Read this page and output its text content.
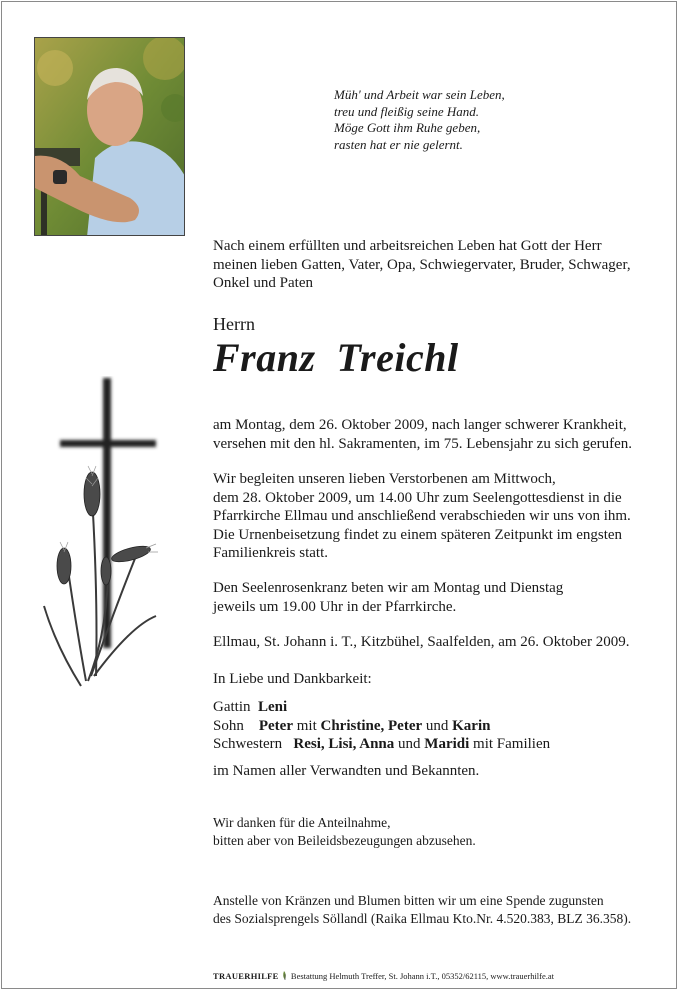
Müh' und Arbeit war sein Leben,
treu und fleißig seine Hand.
Möge Gott ihm Ruhe geben,
rasten hat er nie gelernt.
Nach einem erfüllten und arbeitsreichen Leben hat Gott der Herr
meinen lieben Gatten, Vater, Opa, Schwiegervater, Bruder, Schwager,
Onkel und Paten
Herrn
Franz  Treichl
am Montag, dem 26. Oktober 2009, nach langer schwerer Krankheit,
versehen mit den hl. Sakramenten, im 75. Lebensjahr zu sich gerufen.
Wir begleiten unseren lieben Verstorbenen am Mittwoch,
dem 28. Oktober 2009, um 14.00 Uhr zum Seelengottesdienst in die
Pfarrkirche Ellmau und anschließend verabschieden wir uns von ihm.
Die Urnenbeisetzung findet zu einem späteren Zeitpunkt im engsten
Familienkreis statt.
Den Seelenrosenkranz beten wir am Montag und Dienstag
jeweils um 19.00 Uhr in der Pfarrkirche.
Ellmau, St. Johann i. T., Kitzbühel, Saalfelden, am 26. Oktober 2009.
In Liebe und Dankbarkeit:
Gattin Leni
Sohn Peter mit Christine, Peter und Karin
Schwestern Resi, Lisi, Anna und Maridi mit Familien
im Namen aller Verwandten und Bekannten.
Wir danken für die Anteilnahme,
bitten aber von Beileidsbezeugungen abzusehen.
Anstelle von Kränzen und Blumen bitten wir um eine Spende zugunsten
des Sozialsprengels Söllandl (Raika Ellmau Kto.Nr. 4.520.383, BLZ 36.358).
TRAUERHILFE Bestattung Helmuth Treffer, St. Johann i.T., 05352/62115, www.trauerhilfe.at
